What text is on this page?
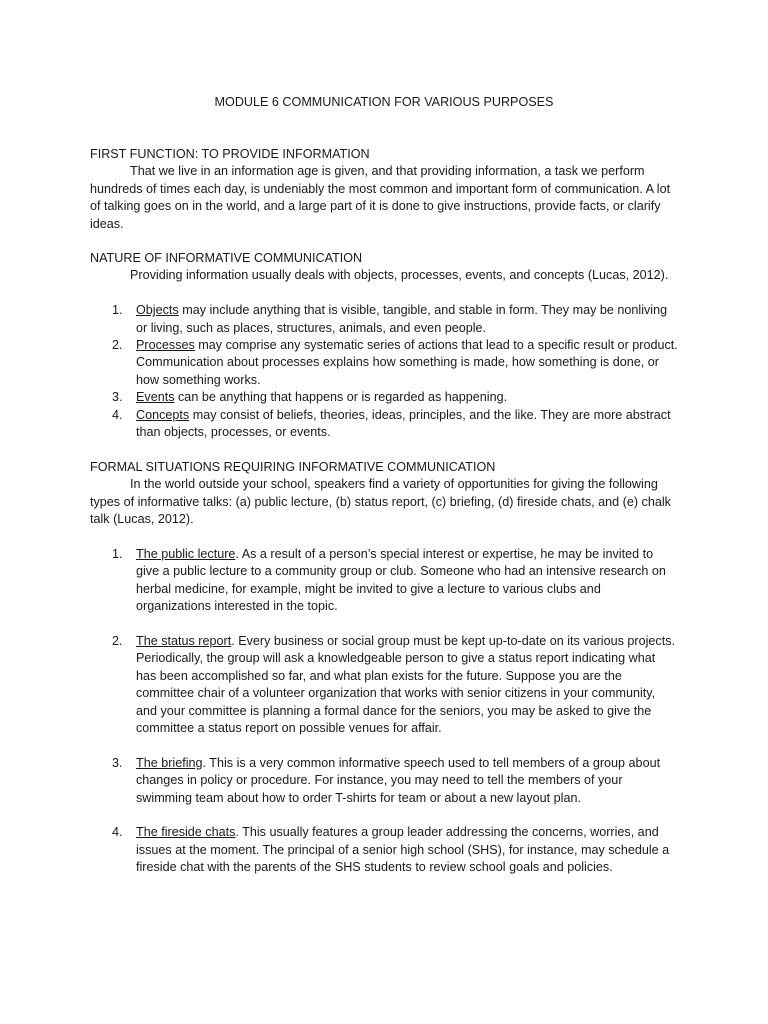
MODULE 6 COMMUNICATION FOR VARIOUS PURPOSES

FIRST FUNCTION: TO PROVIDE INFORMATION

That we live in an information age is given, and that providing information, a task we perform hundreds of times each day, is undeniably the most common and important form of communication. A lot of talking goes on in the world, and a large part of it is done to give instructions, provide facts, or clarify ideas.

NATURE OF INFORMATIVE COMMUNICATION

Providing information usually deals with objects, processes, events, and concepts (Lucas, 2012).

1. Objects may include anything that is visible, tangible, and stable in form. They may be nonliving or living, such as places, structures, animals, and even people.
2. Processes may comprise any systematic series of actions that lead to a specific result or product. Communication about processes explains how something is made, how something is done, or how something works.
3. Events can be anything that happens or is regarded as happening.
4. Concepts may consist of beliefs, theories, ideas, principles, and the like. They are more abstract than objects, processes, or events.

FORMAL SITUATIONS REQUIRING INFORMATIVE COMMUNICATION

In the world outside your school, speakers find a variety of opportunities for giving the following types of informative talks: (a) public lecture, (b) status report, (c) briefing, (d) fireside chats, and (e) chalk talk (Lucas, 2012).

1. The public lecture. As a result of a person’s special interest or expertise, he may be invited to give a public lecture to a community group or club. Someone who had an intensive research on herbal medicine, for example, might be invited to give a lecture to various clubs and organizations interested in the topic.
2. The status report. Every business or social group must be kept up-to-date on its various projects. Periodically, the group will ask a knowledgeable person to give a status report indicating what has been accomplished so far, and what plan exists for the future. Suppose you are the committee chair of a volunteer organization that works with senior citizens in your community, and your committee is planning a formal dance for the seniors, you may be asked to give the committee a status report on possible venues for affair.
3. The briefing. This is a very common informative speech used to tell members of a group about changes in policy or procedure. For instance, you may need to tell the members of your swimming team about how to order T-shirts for team or about a new layout plan.
4. The fireside chats. This usually features a group leader addressing the concerns, worries, and issues at the moment. The principal of a senior high school (SHS), for instance, may schedule a fireside chat with the parents of the SHS students to review school goals and policies.
